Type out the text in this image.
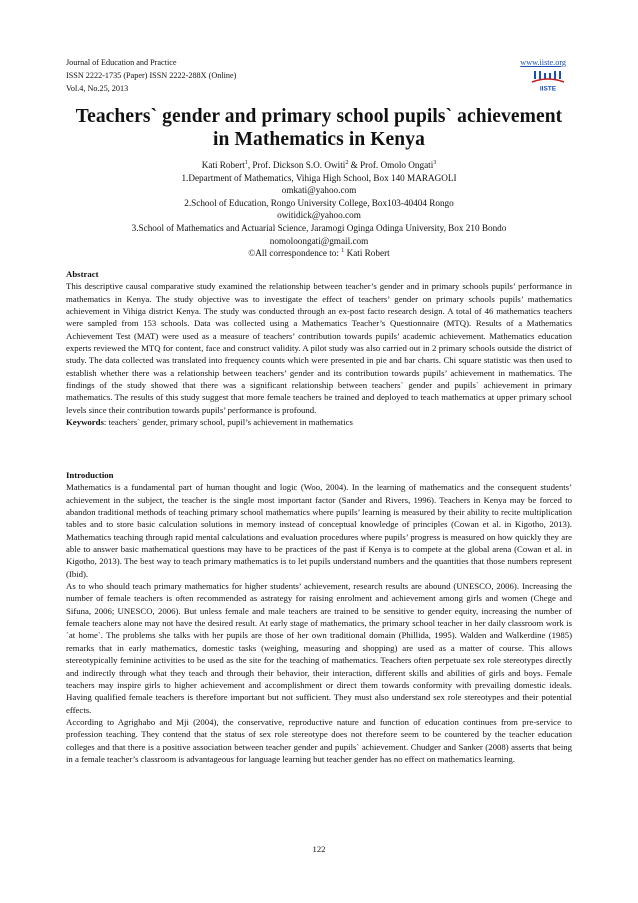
Journal of Education and Practice
ISSN 2222-1735 (Paper) ISSN 2222-288X (Online)
Vol.4, No.25, 2013
www.iiste.org
IISTE
Teachers` gender and primary school pupils` achievement in Mathematics in Kenya
Kati Robert$^1$, Prof. Dickson S.O. Owiti$^2$ & Prof. Omolo Ongati$^3$
1.Department of Mathematics, Vihiga High School, Box 140 MARAGOLI
omkati@yahoo.com
2.School of Education, Rongo University College, Box103-40404 Rongo
owitidick@yahoo.com
3.School of Mathematics and Actuarial Science, Jaramogi Oginga Odinga University, Box 210 Bondo
nomoloongati@gmail.com
©All correspondence to: $^1$ Kati Robert

Abstract

This descriptive causal comparative study examined the relationship between teacher’s gender and in primary schools pupils’ performance in mathematics in Kenya. The study objective was to investigate the effect of teachers’ gender on primary schools pupils’ mathematics achievement in Vihiga district Kenya. The study was conducted through an ex-post facto research design. A total of 46 mathematics teachers were sampled from 153 schools. Data was collected using a Mathematics Teacher’s Questionnaire (MTQ). Results of a Mathematics Achievement Test (MAT) were used as a measure of teachers’ contribution towards pupils’ academic achievement. Mathematics education experts reviewed the MTQ for content, face and construct validity. A pilot study was also carried out in 2 primary schools outside the district of study. The data collected was translated into frequency counts which were presented in pie and bar charts. Chi square statistic was then used to establish whether there was a relationship between teachers’ gender and its contribution towards pupils’ achievement in mathematics. The findings of the study showed that there was a significant relationship between teachers` gender and pupils` achievement in primary mathematics. The results of this study suggest that more female teachers be trained and deployed to teach mathematics at upper primary school levels since their contribution towards pupils’ performance is profound.

Keywords: teachers` gender, primary school, pupil’s achievement in mathematics

Introduction

Mathematics is a fundamental part of human thought and logic (Woo, 2004). In the learning of mathematics and the consequent students’ achievement in the subject, the teacher is the single most important factor (Sander and Rivers, 1996). Teachers in Kenya may be forced to abandon traditional methods of teaching primary school mathematics where pupils’ learning is measured by their ability to recite multiplication tables and to store basic calculation solutions in memory instead of conceptual knowledge of principles (Cowan et al. in Kigotho, 2013). Mathematics teaching through rapid mental calculations and evaluation procedures where pupils’ progress is measured on how quickly they are able to answer basic mathematical questions may have to be practices of the past if Kenya is to compete at the global arena (Cowan et al. in Kigotho, 2013). The best way to teach primary mathematics is to let pupils understand numbers and the quantities that those numbers represent (Ibid).

As to who should teach primary mathematics for higher students’ achievement, research results are abound (UNESCO, 2006). Increasing the number of female teachers is often recommended as astrategy for raising enrolment and achievement among girls and women (Chege and Sifuna, 2006; UNESCO, 2006). But unless female and male teachers are trained to be sensitive to gender equity, increasing the number of female teachers alone may not have the desired result. At early stage of mathematics, the primary school teacher in her daily classroom work is `at home`. The problems she talks with her pupils are those of her own traditional domain (Phillida, 1995). Walden and Walkerdine (1985) remarks that in early mathematics, domestic tasks (weighing, measuring and shopping) are used as a matter of course. This allows stereotypically feminine activities to be used as the site for the teaching of mathematics. Teachers often perpetuate sex role stereotypes directly and indirectly through what they teach and through their behavior, their interaction, different skills and abilities of girls and boys. Female teachers may inspire girls to higher achievement and accomplishment or direct them towards conformity with prevailing domestic ideals. Having qualified female teachers is therefore important but not sufficient. They must also understand sex role stereotypes and their potential effects.

According to Agrighabo and Mji (2004), the conservative, reproductive nature and function of education continues from pre-service to profession teaching. They contend that the status of sex role stereotype does not therefore seem to be countered by the teacher education colleges and that there is a positive association between teacher gender and pupils` achievement. Chudger and Sanker (2008) asserts that being in a female teacher’s classroom is advantageous for language learning but teacher gender has no effect on mathematics learning.

122
